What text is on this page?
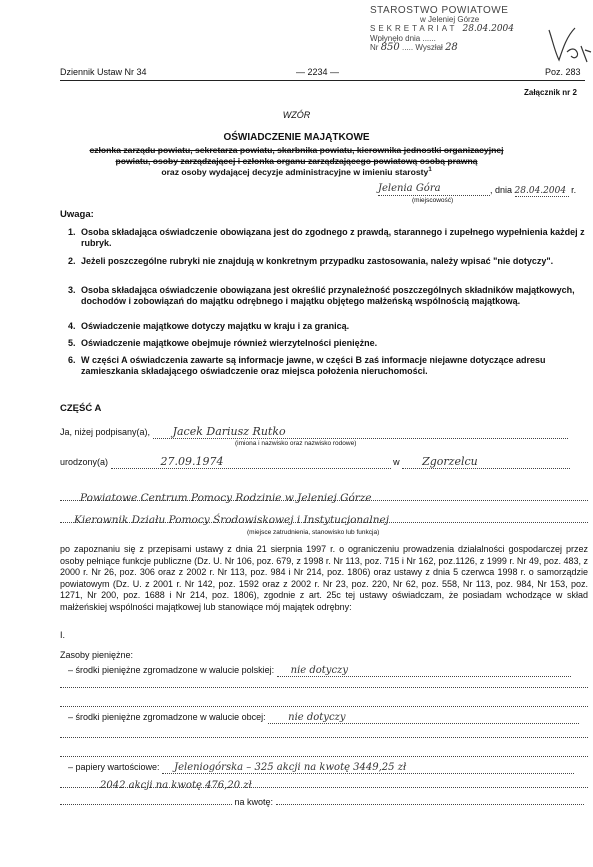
STAROSTWO POWIATOWE
w Jeleniej Górze
SEKRETARIAT 28.04.2004
Wpłynęło dnia ......
Nr 850 ..... Wyszłał 28
Dziennik Ustaw Nr 34	— 2234 —	Poz. 283
Załącznik nr 2
WZÓR
OŚWIADCZENIE MAJĄTKOWE
członka zarządu powiatu, sekretarza powiatu, skarbnika powiatu, kierownika jednostki organizacyjnej
powiatu, osoby zarządzającej i członka organu zarządzającego powiatową osobą prawną
oraz osoby wydającej decyzje administracyjne w imieniu starosty$^1$
Jelenia Góra
(miejscowość)
, dnia 28.04.2004 r.
Uwaga:
1. Osoba składająca oświadczenie obowiązana jest do zgodnego z prawdą, starannego i zupełnego wypełnienia każdej z rubryk.

2. Jeżeli poszczególne rubryki nie znajdują w konkretnym przypadku zastosowania, należy wpisać "nie dotyczy".

3. Osoba składająca oświadczenie obowiązana jest określić przynależność poszczególnych składników majątkowych, dochodów i zobowiązań do majątku odrębnego i majątku objętego małżeńską wspólnością majątkową.

4. Oświadczenie majątkowe dotyczy majątku w kraju i za granicą.

5. Oświadczenie majątkowe obejmuje również wierzytelności pieniężne.

6. W części A oświadczenia zawarte są informacje jawne, w części B zaś informacje niejawne dotyczące adresu zamieszkania składającego oświadczenie oraz miejsca położenia nieruchomości.

CZĘŚĆ A
Ja, niżej podpisany(a), Jacek Dariusz Rutko
(imiona i nazwisko oraz nazwisko rodowe)
urodzony(a)	27.09.1974	w Zgorzelcu
Powiatowe Centrum Pomocy Rodzinie w Jeleniej Górze
Kierownik Działu Pomocy Środowiskowej i Instytucjonalnej
(miejsce zatrudnienia, stanowisko lub funkcja)
po zapoznaniu się z przepisami ustawy z dnia 21 sierpnia 1997 r. o ograniczeniu prowadzenia działalności gospodarczej przez osoby pełniące funkcje publiczne (Dz. U. Nr 106, poz. 679, z 1998 r. Nr 113, poz. 715 i Nr 162, poz.1126, z 1999 r. Nr 49, poz. 483, z 2000 r. Nr 26, poz. 306 oraz z 2002 r. Nr 113, poz. 984 i Nr 214, poz. 1806) oraz ustawy z dnia 5 czerwca 1998 r. o samorządzie powiatowym (Dz. U. z 2001 r. Nr 142, poz. 1592 oraz z 2002 r. Nr 23, poz. 220, Nr 62, poz. 558, Nr 113, poz. 984, Nr 153, poz. 1271, Nr 200, poz. 1688 i Nr 214, poz. 1806), zgodnie z art. 25c tej ustawy oświadczam, że posiadam wchodzące w skład małżeńskiej wspólności majątkowej lub stanowiące mój majątek odrębny:
I.
Zasoby pieniężne:
– środki pieniężne zgromadzone w walucie polskiej: nie dotyczy
– środki pieniężne zgromadzone w walucie obcej: nie dotyczy
– papiery wartościowe: Jeleniogórska – 325 akcji na kwotę 3449,25 zł
2042 akcji na kwotę 476,20 zł
na kwotę:
